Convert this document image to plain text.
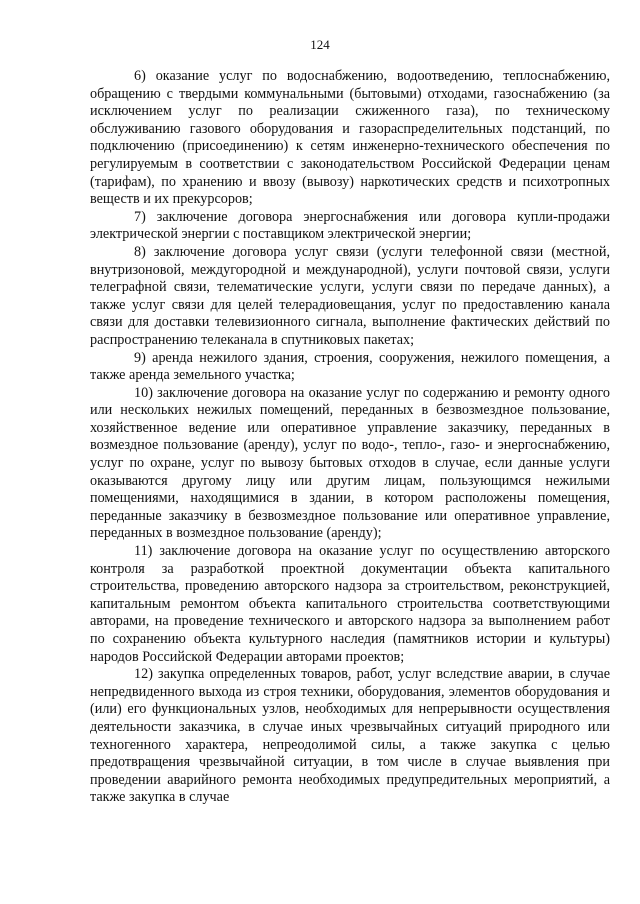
124

6) оказание услуг по водоснабжению, водоотведению, теплоснабжению, обращению с твердыми коммунальными (бытовыми) отходами, газоснабжению (за исключением услуг по реализации сжиженного газа), по техническому обслуживанию газового оборудования и газораспределительных подстанций, по подключению (присоединению) к сетям инженерно-технического обеспечения по регулируемым в соответствии с законодательством Российской Федерации ценам (тарифам), по хранению и ввозу (вывозу) наркотических средств и психотропных веществ и их прекурсоров;

7) заключение договора энергоснабжения или договора купли-продажи электрической энергии с поставщиком электрической энергии;

8) заключение договора услуг связи (услуги телефонной связи (местной, внутризоновой, междугородной и международной), услуги почтовой связи, услуги телеграфной связи, телематические услуги, услуги связи по передаче данных), а также услуг связи для целей телерадиовещания, услуг по предоставлению канала связи для доставки телевизионного сигнала, выполнение фактических действий по распространению телеканала в спутниковых пакетах;

9) аренда нежилого здания, строения, сооружения, нежилого помещения, а также аренда земельного участка;

10) заключение договора на оказание услуг по содержанию и ремонту одного или нескольких нежилых помещений, переданных в безвозмездное пользование, хозяйственное ведение или оперативное управление заказчику, переданных в возмездное пользование (аренду), услуг по водо-, тепло-, газо- и энергоснабжению, услуг по охране, услуг по вывозу бытовых отходов в случае, если данные услуги оказываются другому лицу или другим лицам, пользующимся нежилыми помещениями, находящимися в здании, в котором расположены помещения, переданные заказчику в безвозмездное пользование или оперативное управление, переданных в возмездное пользование (аренду);

11) заключение договора на оказание услуг по осуществлению авторского контроля за разработкой проектной документации объекта капитального строительства, проведению авторского надзора за строительством, реконструкцией, капитальным ремонтом объекта капитального строительства соответствующими авторами, на проведение технического и авторского надзора за выполнением работ по сохранению объекта культурного наследия (памятников истории и культуры) народов Российской Федерации авторами проектов;

12) закупка определенных товаров, работ, услуг вследствие аварии, в случае непредвиденного выхода из строя техники, оборудования, элементов оборудования и (или) его функциональных узлов, необходимых для непрерывности осуществления деятельности заказчика, в случае иных чрезвычайных ситуаций природного или техногенного характера, непреодолимой силы, а также закупка с целью предотвращения чрезвычайной ситуации, в том числе в случае выявления при проведении аварийного ремонта необходимых предупредительных мероприятий, а также закупка в случае
